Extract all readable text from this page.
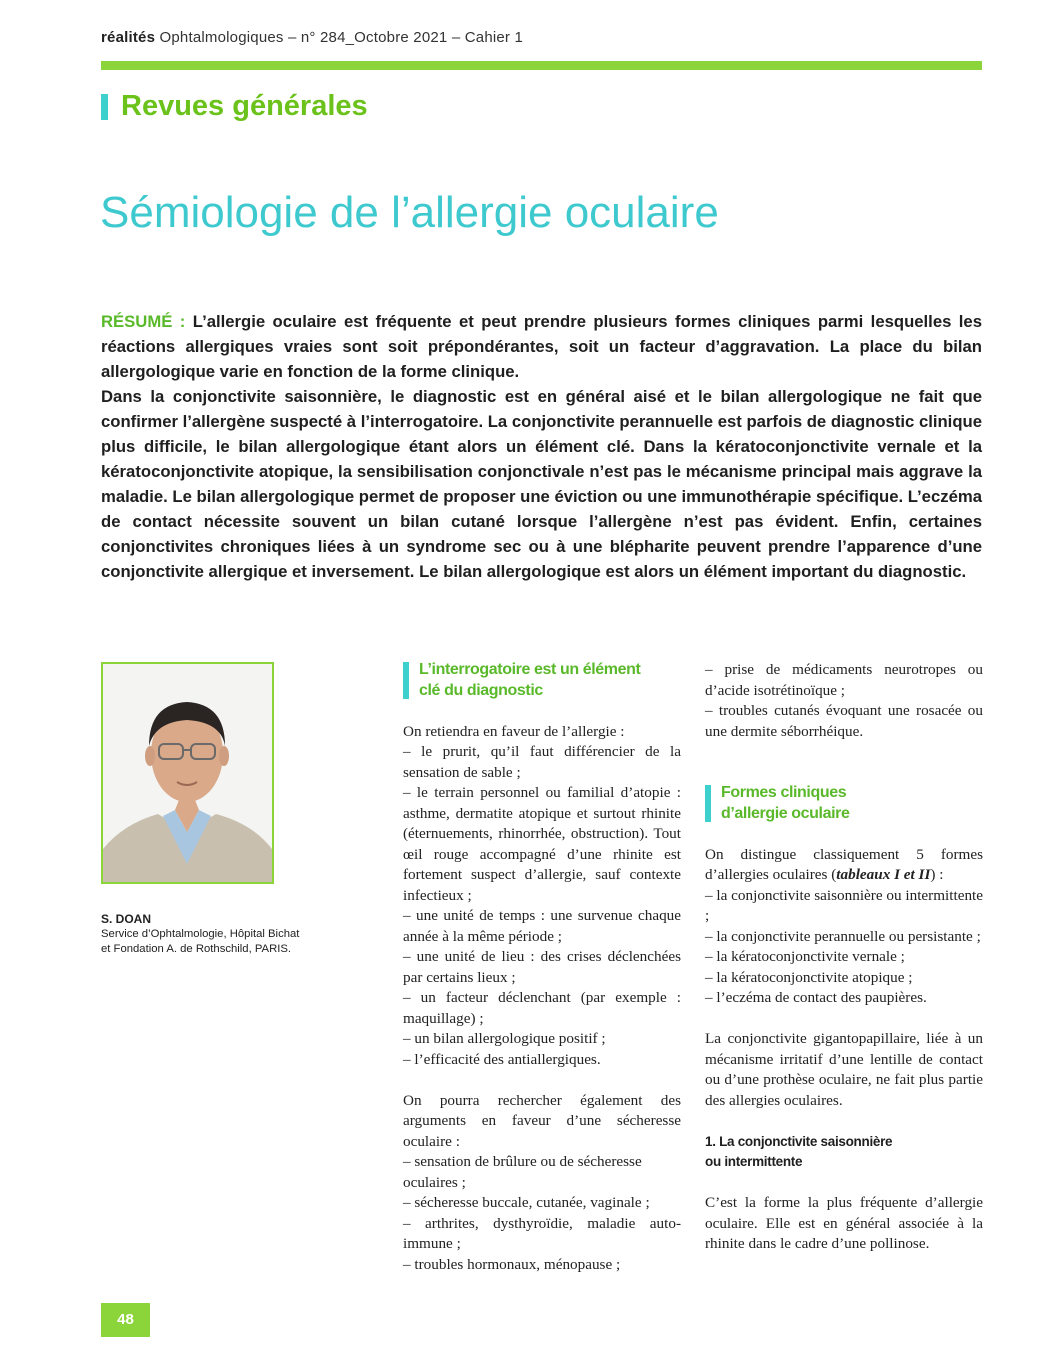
réalités Ophtalmologiques – n° 284_Octobre 2021 – Cahier 1
Revues générales
Sémiologie de l’allergie oculaire

RÉSUMÉ : L’allergie oculaire est fréquente et peut prendre plusieurs formes cliniques parmi lesquelles les réactions allergiques vraies sont soit prépondérantes, soit un facteur d’aggravation. La place du bilan allergologique varie en fonction de la forme clinique.

Dans la conjonctivite saisonnière, le diagnostic est en général aisé et le bilan allergologique ne fait que confirmer l’allergène suspecté à l’interrogatoire. La conjonctivite perannuelle est parfois de diagnostic clinique plus difficile, le bilan allergologique étant alors un élément clé. Dans la kératoconjonctivite vernale et la kératoconjonctivite atopique, la sensibilisation conjonctivale n’est pas le mécanisme principal mais aggrave la maladie. Le bilan allergologique permet de proposer une éviction ou une immunothérapie spécifique. L’eczéma de contact nécessite souvent un bilan cutané lorsque l’allergène n’est pas évident. Enfin, certaines conjonctivites chroniques liées à un syndrome sec ou à une blépharite peuvent prendre l’apparence d’une conjonctivite allergique et inversement. Le bilan allergologique est alors un élément important du diagnostic.

S. DOAN
Service d’Ophtalmologie, Hôpital Bichat
et Fondation A. de Rothschild, PARIS.
L’interrogatoire est un élément
clé du diagnostic

On retiendra en faveur de l’allergie :

– le prurit, qu’il faut différencier de la sensation de sable ;

– le terrain personnel ou familial d’atopie : asthme, dermatite atopique et surtout rhinite (éternuements, rhinorrhée, obstruction). Tout œil rouge accompagné d’une rhinite est fortement suspect d’allergie, sauf contexte infectieux ;

– une unité de temps : une survenue chaque année à la même période ;

– une unité de lieu : des crises déclenchées par certains lieux ;

– un facteur déclenchant (par exemple : maquillage) ;

– un bilan allergologique positif ;

– l’efficacité des antiallergiques.

On pourra rechercher également des arguments en faveur d’une sécheresse oculaire :

– sensation de brûlure ou de sécheresse oculaires ;

– sécheresse buccale, cutanée, vaginale ;

– arthrites, dysthyroïdie, maladie auto-immune ;

– troubles hormonaux, ménopause ;

– prise de médicaments neurotropes ou d’acide isotrétinoïque ;

– troubles cutanés évoquant une rosacée ou une dermite séborrhéique.

Formes cliniques
d’allergie oculaire

On distingue classiquement 5 formes d’allergies oculaires (tableaux I et II) :

– la conjonctivite saisonnière ou intermittente ;

– la conjonctivite perannuelle ou persistante ;

– la kératoconjonctivite vernale ;

– la kératoconjonctivite atopique ;

– l’eczéma de contact des paupières.

La conjonctivite gigantopapillaire, liée à un mécanisme irritatif d’une lentille de contact ou d’une prothèse oculaire, ne fait plus partie des allergies oculaires.

1. La conjonctivite saisonnière
ou intermittente

C’est la forme la plus fréquente d’allergie oculaire. Elle est en général associée à la rhinite dans le cadre d’une pollinose.

48
